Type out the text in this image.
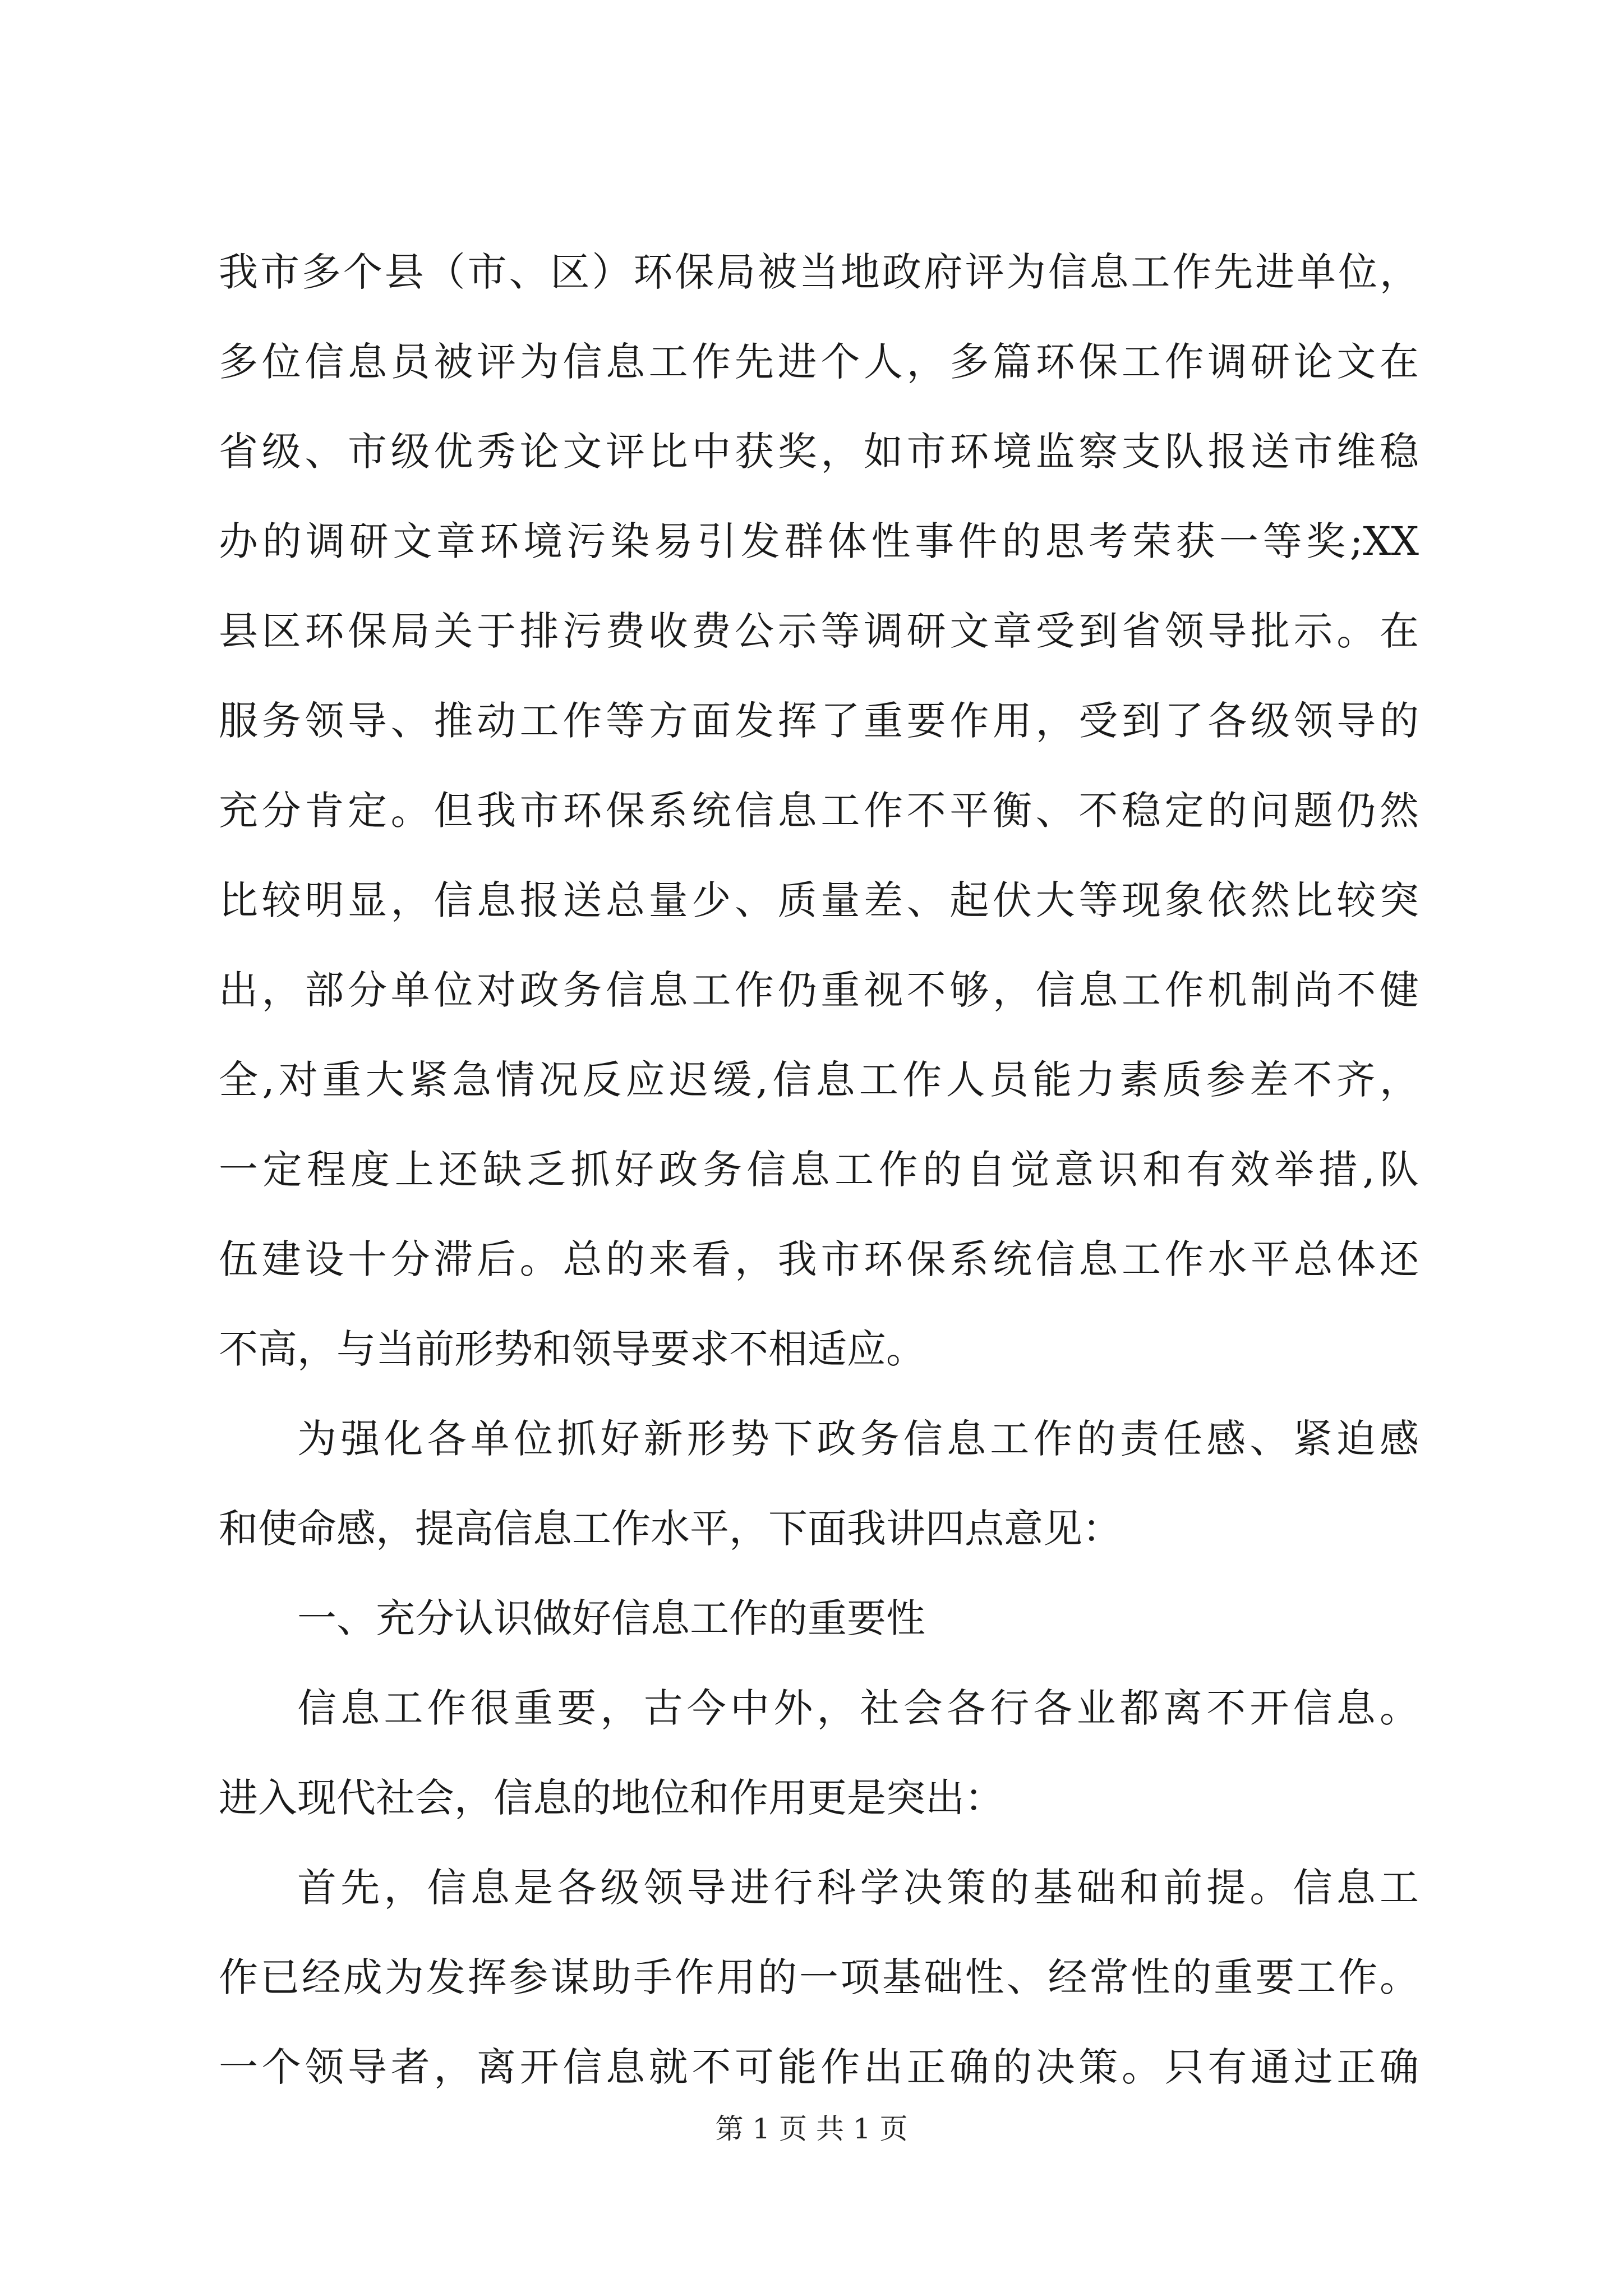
我市多个县（市、区）环保局被当地政府评为信息工作先进单位，
多位信息员被评为信息工作先进个人，多篇环保工作调研论文在
省级、市级优秀论文评比中获奖，如市环境监察支队报送市维稳
办的调研文章环境污染易引发群体性事件的思考荣获一等奖;XX
县区环保局关于排污费收费公示等调研文章受到省领导批示。在
服务领导、推动工作等方面发挥了重要作用，受到了各级领导的
充分肯定。但我市环保系统信息工作不平衡、不稳定的问题仍然
比较明显，信息报送总量少、质量差、起伏大等现象依然比较突
出，部分单位对政务信息工作仍重视不够，信息工作机制尚不健
全,对重大紧急情况反应迟缓,信息工作人员能力素质参差不齐，
一定程度上还缺乏抓好政务信息工作的自觉意识和有效举措,队
伍建设十分滞后。总的来看，我市环保系统信息工作水平总体还
不高，与当前形势和领导要求不相适应。
为强化各单位抓好新形势下政务信息工作的责任感、紧迫感
和使命感，提高信息工作水平，下面我讲四点意见：
一、充分认识做好信息工作的重要性
信息工作很重要，古今中外，社会各行各业都离不开信息。
进入现代社会，信息的地位和作用更是突出：
首先，信息是各级领导进行科学决策的基础和前提。信息工
作已经成为发挥参谋助手作用的一项基础性、经常性的重要工作。
一个领导者，离开信息就不可能作出正确的决策。只有通过正确
第 1 页 共 1 页
